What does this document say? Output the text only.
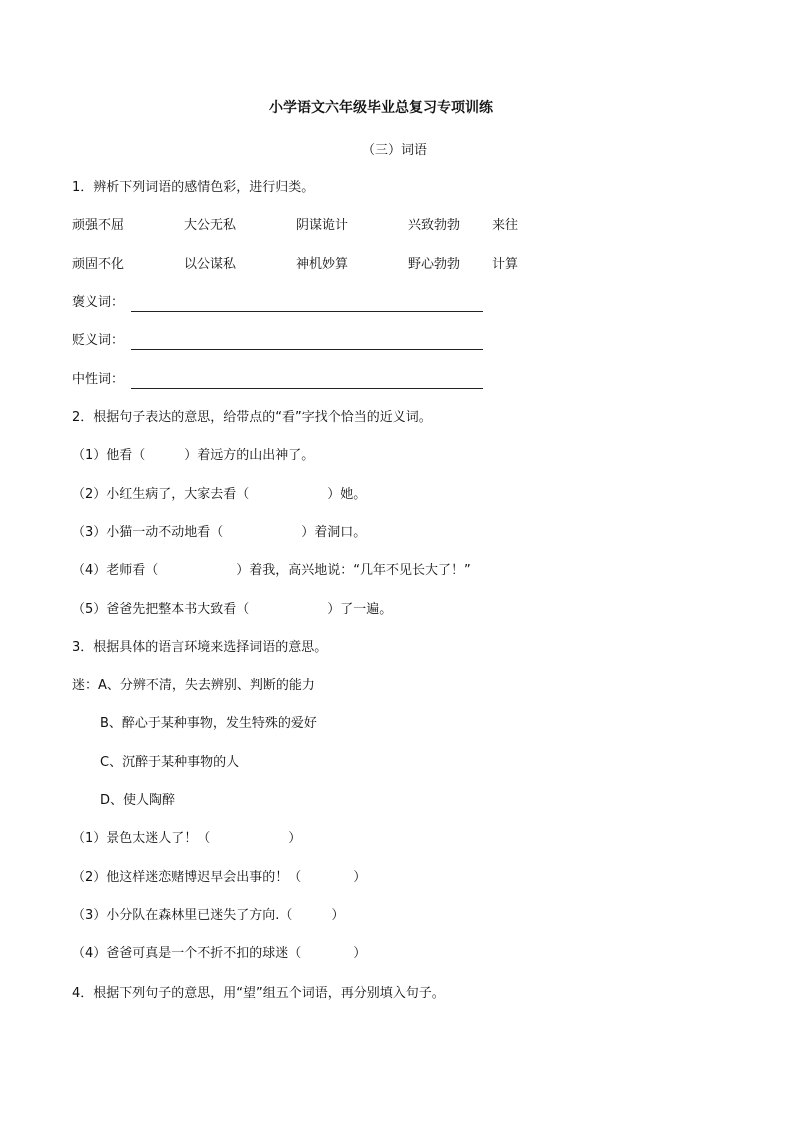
小学语文六年级毕业总复习专项训练
（三）词语
1．辨析下列词语的感情色彩，进行归类。
顽强不屈	大公无私	阴谋诡计	兴致勃勃 来往
顽固不化	以公谋私	神机妙算	野心勃勃 计算
褒义词：
贬义词：
中性词：
2．根据句子表达的意思，给带点的“看”字找个恰当的近义词。
（1）他看（　　　）着远方的山出神了。
（2）小红生病了，大家去看（　　　　　　）她。
（3）小猫一动不动地看（　　　　　　）着洞口。
（4）老师看（　　　　　　）着我，高兴地说：“几年不见长大了！”
（5）爸爸先把整本书大致看（　　　　　　）了一遍。
3．根据具体的语言环境来选择词语的意思。
迷：A、分辨不清，失去辨别、判断的能力
B、醉心于某种事物，发生特殊的爱好
C、沉醉于某种事物的人
D、使人陶醉
（1）景色太迷人了！（　　　　　　）
（2）他这样迷恋赌博迟早会出事的！（　　　　）
（3）小分队在森林里已迷失了方向.（　　　）
（4）爸爸可真是一个不折不扣的球迷（　　　　）
4．根据下列句子的意思，用“望”组五个词语，再分别填入句子。
